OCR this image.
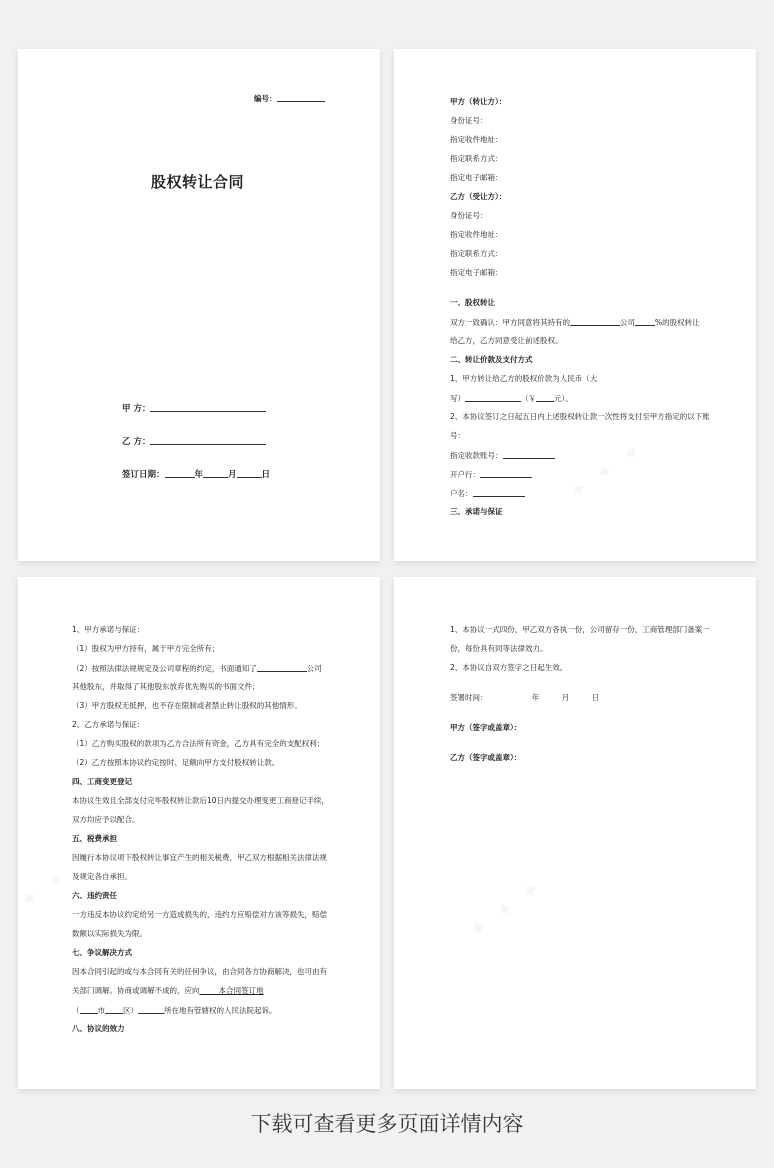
编号：
股权转让合同
甲 方：
乙 方：
签订日期：	年	月	日
甲方（转让方）：
身份证号：
指定收件地址：
指定联系方式：
指定电子邮箱：
乙方（受让方）：
身份证号：
指定收件地址：
指定联系方式：
指定电子邮箱：
一、股权转让
双方一致确认：甲方同意将其持有的	公司	%的股权转让
给乙方，乙方同意受让前述股权。
二、转让价款及支付方式
1、甲方转让给乙方的股权价款为人民币（大
写）	（￥ 元）。
2、本协议签订之日起五日内上述股权转让款一次性将支付至甲方指定的以下账
号：
指定收款账号：
开户行：
户名：
三、承诺与保证
1、甲方承诺与保证：
（1）股权为甲方持有，属于甲方完全所有；
（2）按照法律法规规定及公司章程的约定，书面通知了	公司
其他股东，并取得了其他股东放弃优先购买的书面文件；
（3）甲方股权无抵押，也不存在限制或者禁止转让股权的其他情形。
2、乙方承诺与保证：
（1）乙方购买股权的款项为乙方合法所有资金，乙方具有完全的支配权利；
（2）乙方按照本协议约定按时、足额向甲方支付股权转让款。
四、工商变更登记
本协议生效且全部支付完毕股权转让款后10日内提交办理变更工商登记手续，
双方均应予以配合。
五、税费承担
因履行本协议项下股权转让事宜产生的相关税费，甲乙双方根据相关法律法规
及规定各自承担。
六、违约责任
一方违反本协议约定给另一方造成损失的，违约方应赔偿对方该等损失，赔偿
数额以实际损失为限。
七、争议解决方式
因本合同引起的或与本合同有关的任何争议，由合同各方协商解决，也可由有
关部门调解。协商或调解不成的，应向	本合同签订地
（ 市 区）	所在地有管辖权的人民法院起诉。
八、协议的效力
1、本协议一式四份，甲乙双方各执一份，公司留存一份，工商管理部门备案一
份，每份具有同等法律效力。
2、本协议自双方签字之日起生效。
签署时间：	年	月	日
甲方（签字或盖章）：
乙方（签字或盖章）：
下载可查看更多页面详情内容
